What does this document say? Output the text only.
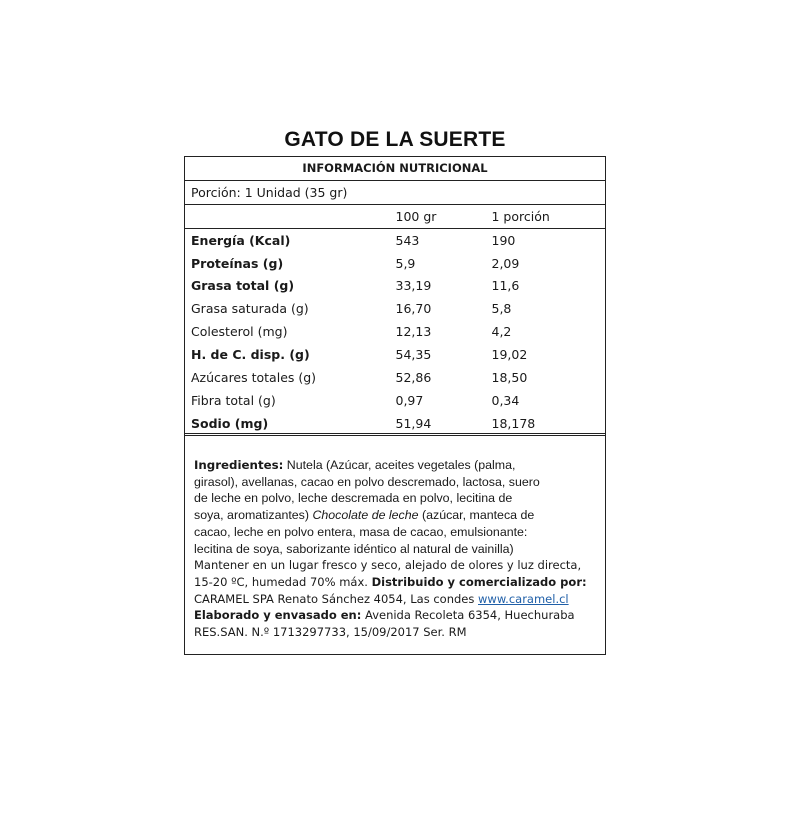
GATO DE LA SUERTE
INFORMACIÓN NUTRICIONAL		
Porción: 1 Unidad (35 gr)		
	100 gr	1 porción
Energía (Kcal)	543	190
Proteínas (g)	5,9	2,09
Grasa total (g)	33,19	11,6
Grasa saturada (g)	16,70	5,8
Colesterol (mg)	12,13	4,2
H. de C. disp. (g)	54,35	19,02
Azúcares totales (g)	52,86	18,50
Fibra total (g)	0,97	0,34
Sodio (mg)	51,94	18,178
Ingredientes: Nutela (Azúcar, aceites vegetales (palma,
girasol), avellanas, cacao en polvo descremado, lactosa, suero
de leche en polvo, leche descremada en polvo, lecitina de
soya, aromatizantes) Chocolate de leche (azúcar, manteca de
cacao, leche en polvo entera, masa de cacao, emulsionante:
lecitina de soya, saborizante idéntico al natural de vainilla)
Mantener en un lugar fresco y seco, alejado de olores y luz directa,
15-20 ºC, humedad 70% máx. Distribuido y comercializado por:
CARAMEL SPA Renato Sánchez 4054, Las condes www.caramel.cl
Elaborado y envasado en: Avenida Recoleta 6354, Huechuraba
RES.SAN. N.º 1713297733, 15/09/2017 Ser. RM
